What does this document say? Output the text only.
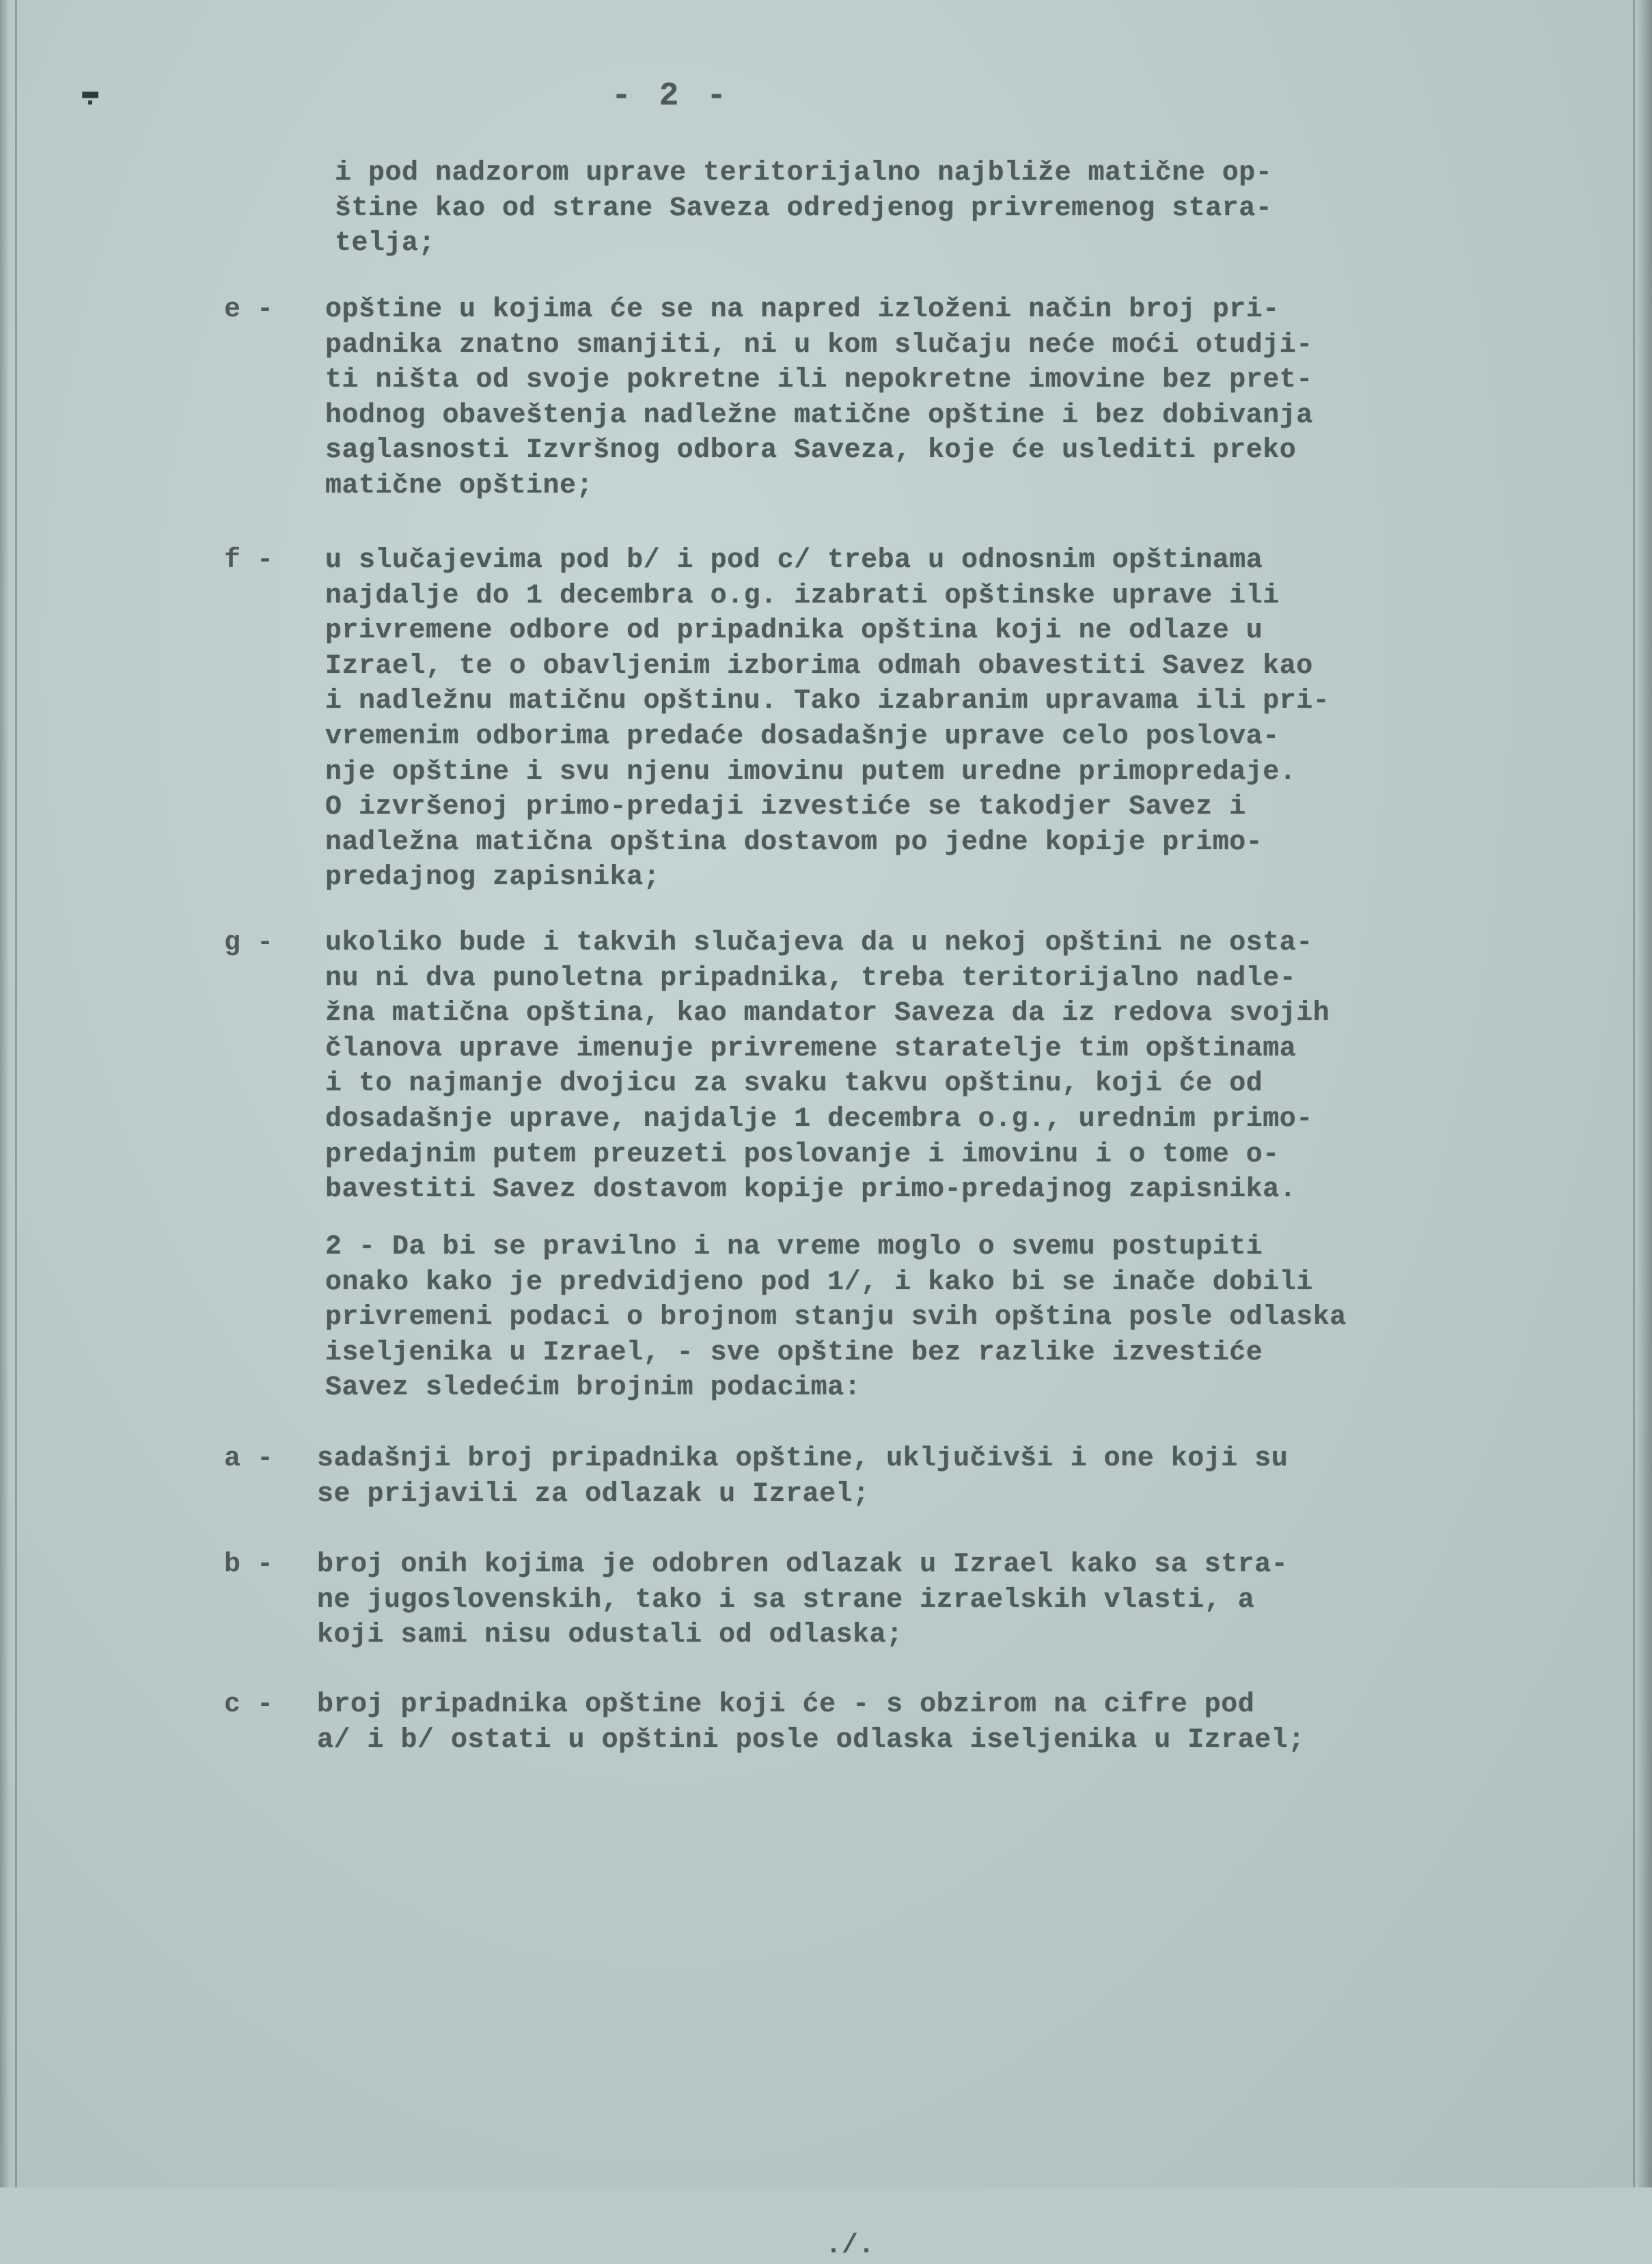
▬ ·	- 2 -

i pod nadzorom uprave teritorijalno najbliže matične op-
štine kao od strane Saveza odredjenog privremenog stara-
telja;

e - opštine u kojima će se na napred izloženi način broj pri-
padnika znatno smanjiti, ni u kom slučaju neće moći otudji-
ti ništa od svoje pokretne ili nepokretne imovine bez pret-
hodnog obaveštenja nadležne matične opštine i bez dobivanja
saglasnosti Izvršnog odbora Saveza, koje će uslediti preko
matične opštine;

f - u slučajevima pod b/ i pod c/ treba u odnosnim opštinama
najdalje do 1 decembra o.g. izabrati opštinske uprave ili
privremene odbore od pripadnika opština koji ne odlaze u
Izrael, te o obavljenim izborima odmah obavestiti Savez kao
i nadležnu matičnu opštinu. Tako izabranim upravama ili pri-
vremenim odborima predaće dosadašnje uprave celo poslova-
nje opštine i svu njenu imovinu putem uredne primopredaje.
O izvršenoj primo-predaji izvestiće se takodjer Savez i
nadležna matična opština dostavom po jedne kopije primo-
predajnog zapisnika;

g - ukoliko bude i takvih slučajeva da u nekoj opštini ne osta-
nu ni dva punoletna pripadnika, treba teritorijalno nadle-
žna matična opština, kao mandator Saveza da iz redova svojih
članova uprave imenuje privremene staratelje tim opštinama
i to najmanje dvojicu za svaku takvu opštinu, koji će od
dosadašnje uprave, najdalje 1 decembra o.g., urednim primo-
predajnim putem preuzeti poslovanje i imovinu i o tome o-
bavestiti Savez dostavom kopije primo-predajnog zapisnika.

2 - Da bi se pravilno i na vreme moglo o svemu postupiti
onako kako je predvidjeno pod 1/, i kako bi se inače dobili
privremeni podaci o brojnom stanju svih opština posle odlaska
iseljenika u Izrael, - sve opštine bez razlike izvestiće
Savez sledećim brojnim podacima:

a - sadašnji broj pripadnika opštine, uključivši i one koji su
se prijavili za odlazak u Izrael;

b - broj onih kojima je odobren odlazak u Izrael kako sa stra-
ne jugoslovenskih, tako i sa strane izraelskih vlasti, a
koji sami nisu odustali od odlaska;

c - broj pripadnika opštine koji će - s obzirom na cifre pod
a/ i b/ ostati u opštini posle odlaska iseljenika u Izrael;

./.
